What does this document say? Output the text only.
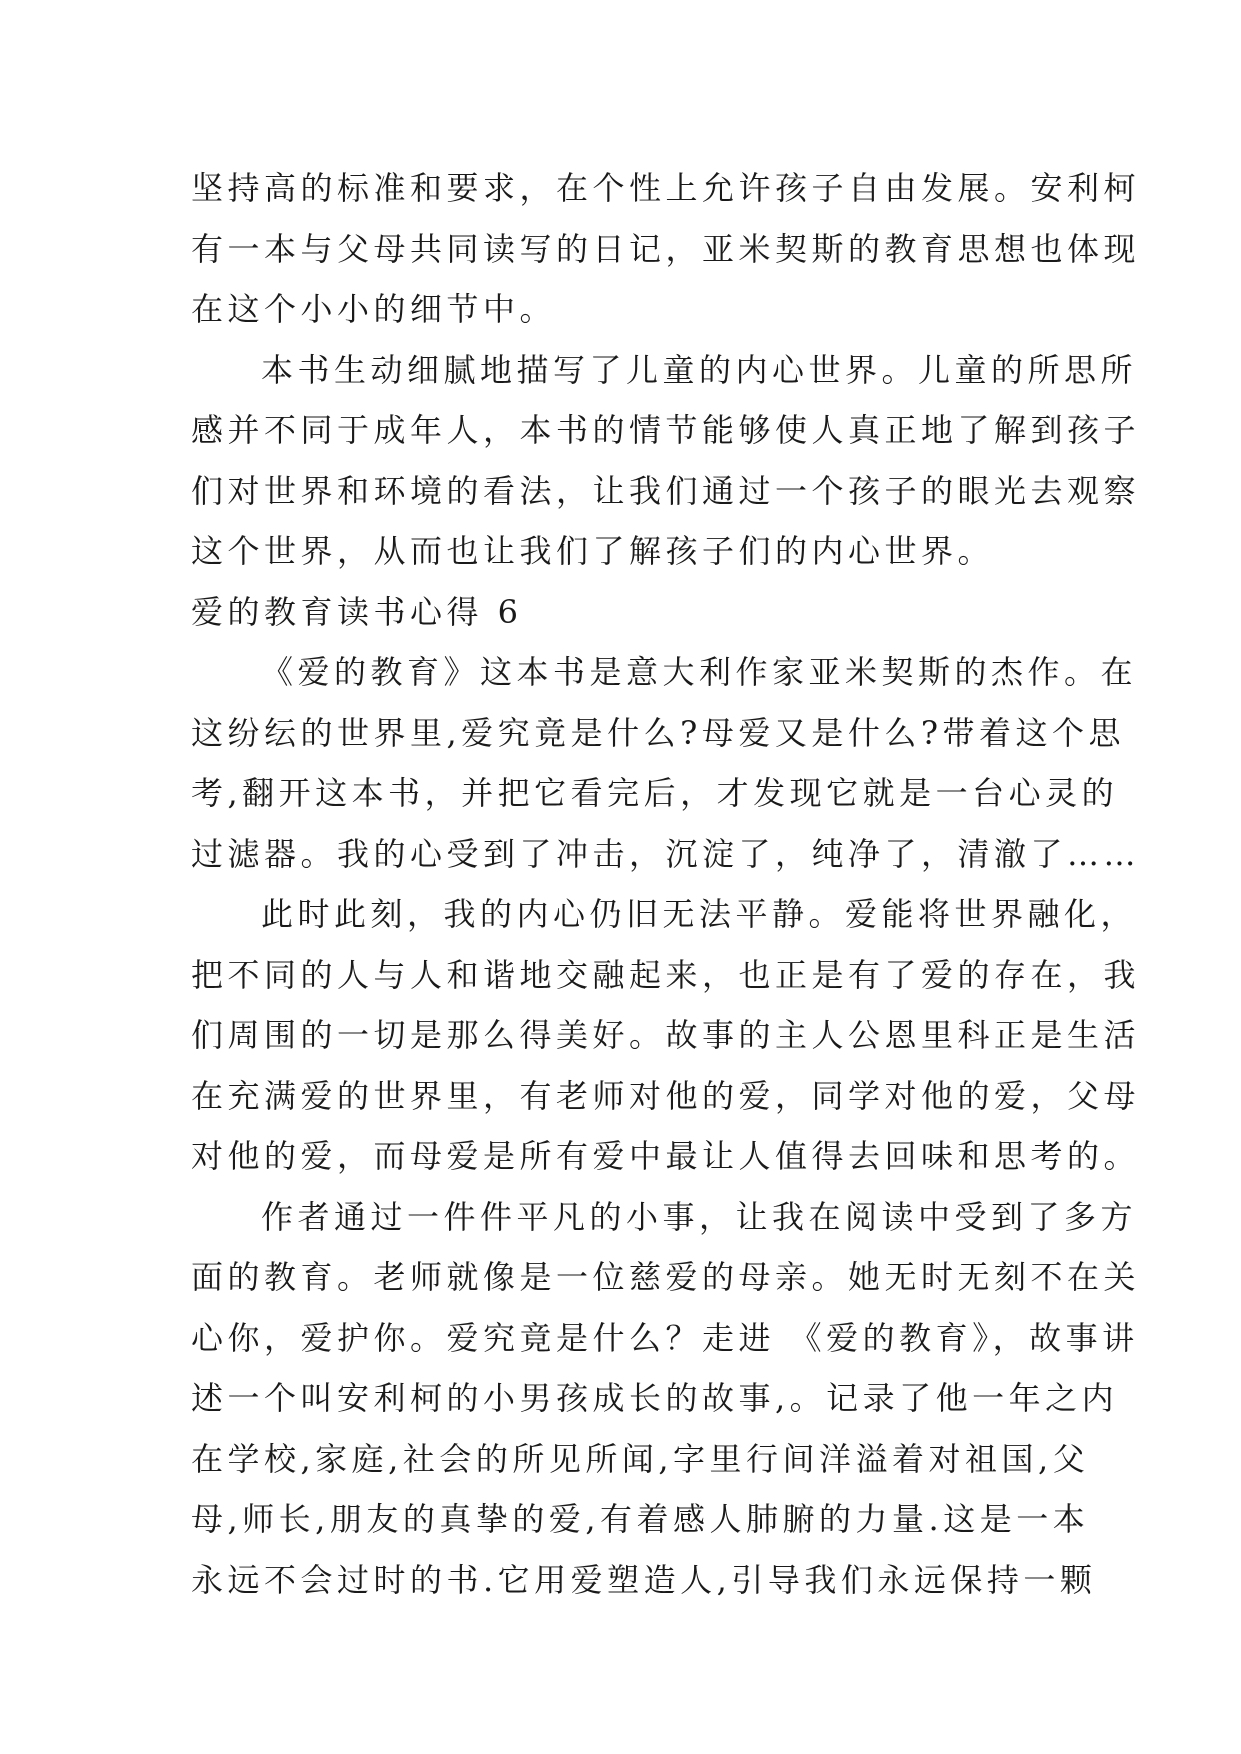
坚持高的标准和要求，在个性上允许孩子自由发展。安利柯
有一本与父母共同读写的日记，亚米契斯的教育思想也体现
在这个小小的细节中。
本书生动细腻地描写了儿童的内心世界。儿童的所思所
感并不同于成年人，本书的情节能够使人真正地了解到孩子
们对世界和环境的看法，让我们通过一个孩子的眼光去观察
这个世界，从而也让我们了解孩子们的内心世界。
爱的教育读书心得 6
《爱的教育》这本书是意大利作家亚米契斯的杰作。在
这纷纭的世界里,爱究竟是什么?母爱又是什么?带着这个思
考,翻开这本书，并把它看完后，才发现它就是一台心灵的
过滤器。我的心受到了冲击，沉淀了，纯净了，清澈了……
此时此刻，我的内心仍旧无法平静。爱能将世界融化，
把不同的人与人和谐地交融起来，也正是有了爱的存在，我
们周围的一切是那么得美好。故事的主人公恩里科正是生活
在充满爱的世界里，有老师对他的爱，同学对他的爱，父母
对他的爱，而母爱是所有爱中最让人值得去回味和思考的。
作者通过一件件平凡的小事，让我在阅读中受到了多方
面的教育。老师就像是一位慈爱的母亲。她无时无刻不在关
心你，爱护你。爱究竟是什么？走进 《爱的教育》，故事讲
述一个叫安利柯的小男孩成长的故事,。记录了他一年之内
在学校,家庭,社会的所见所闻,字里行间洋溢着对祖国,父
母,师长,朋友的真挚的爱,有着感人肺腑的力量.这是一本
永远不会过时的书.它用爱塑造人,引导我们永远保持一颗
